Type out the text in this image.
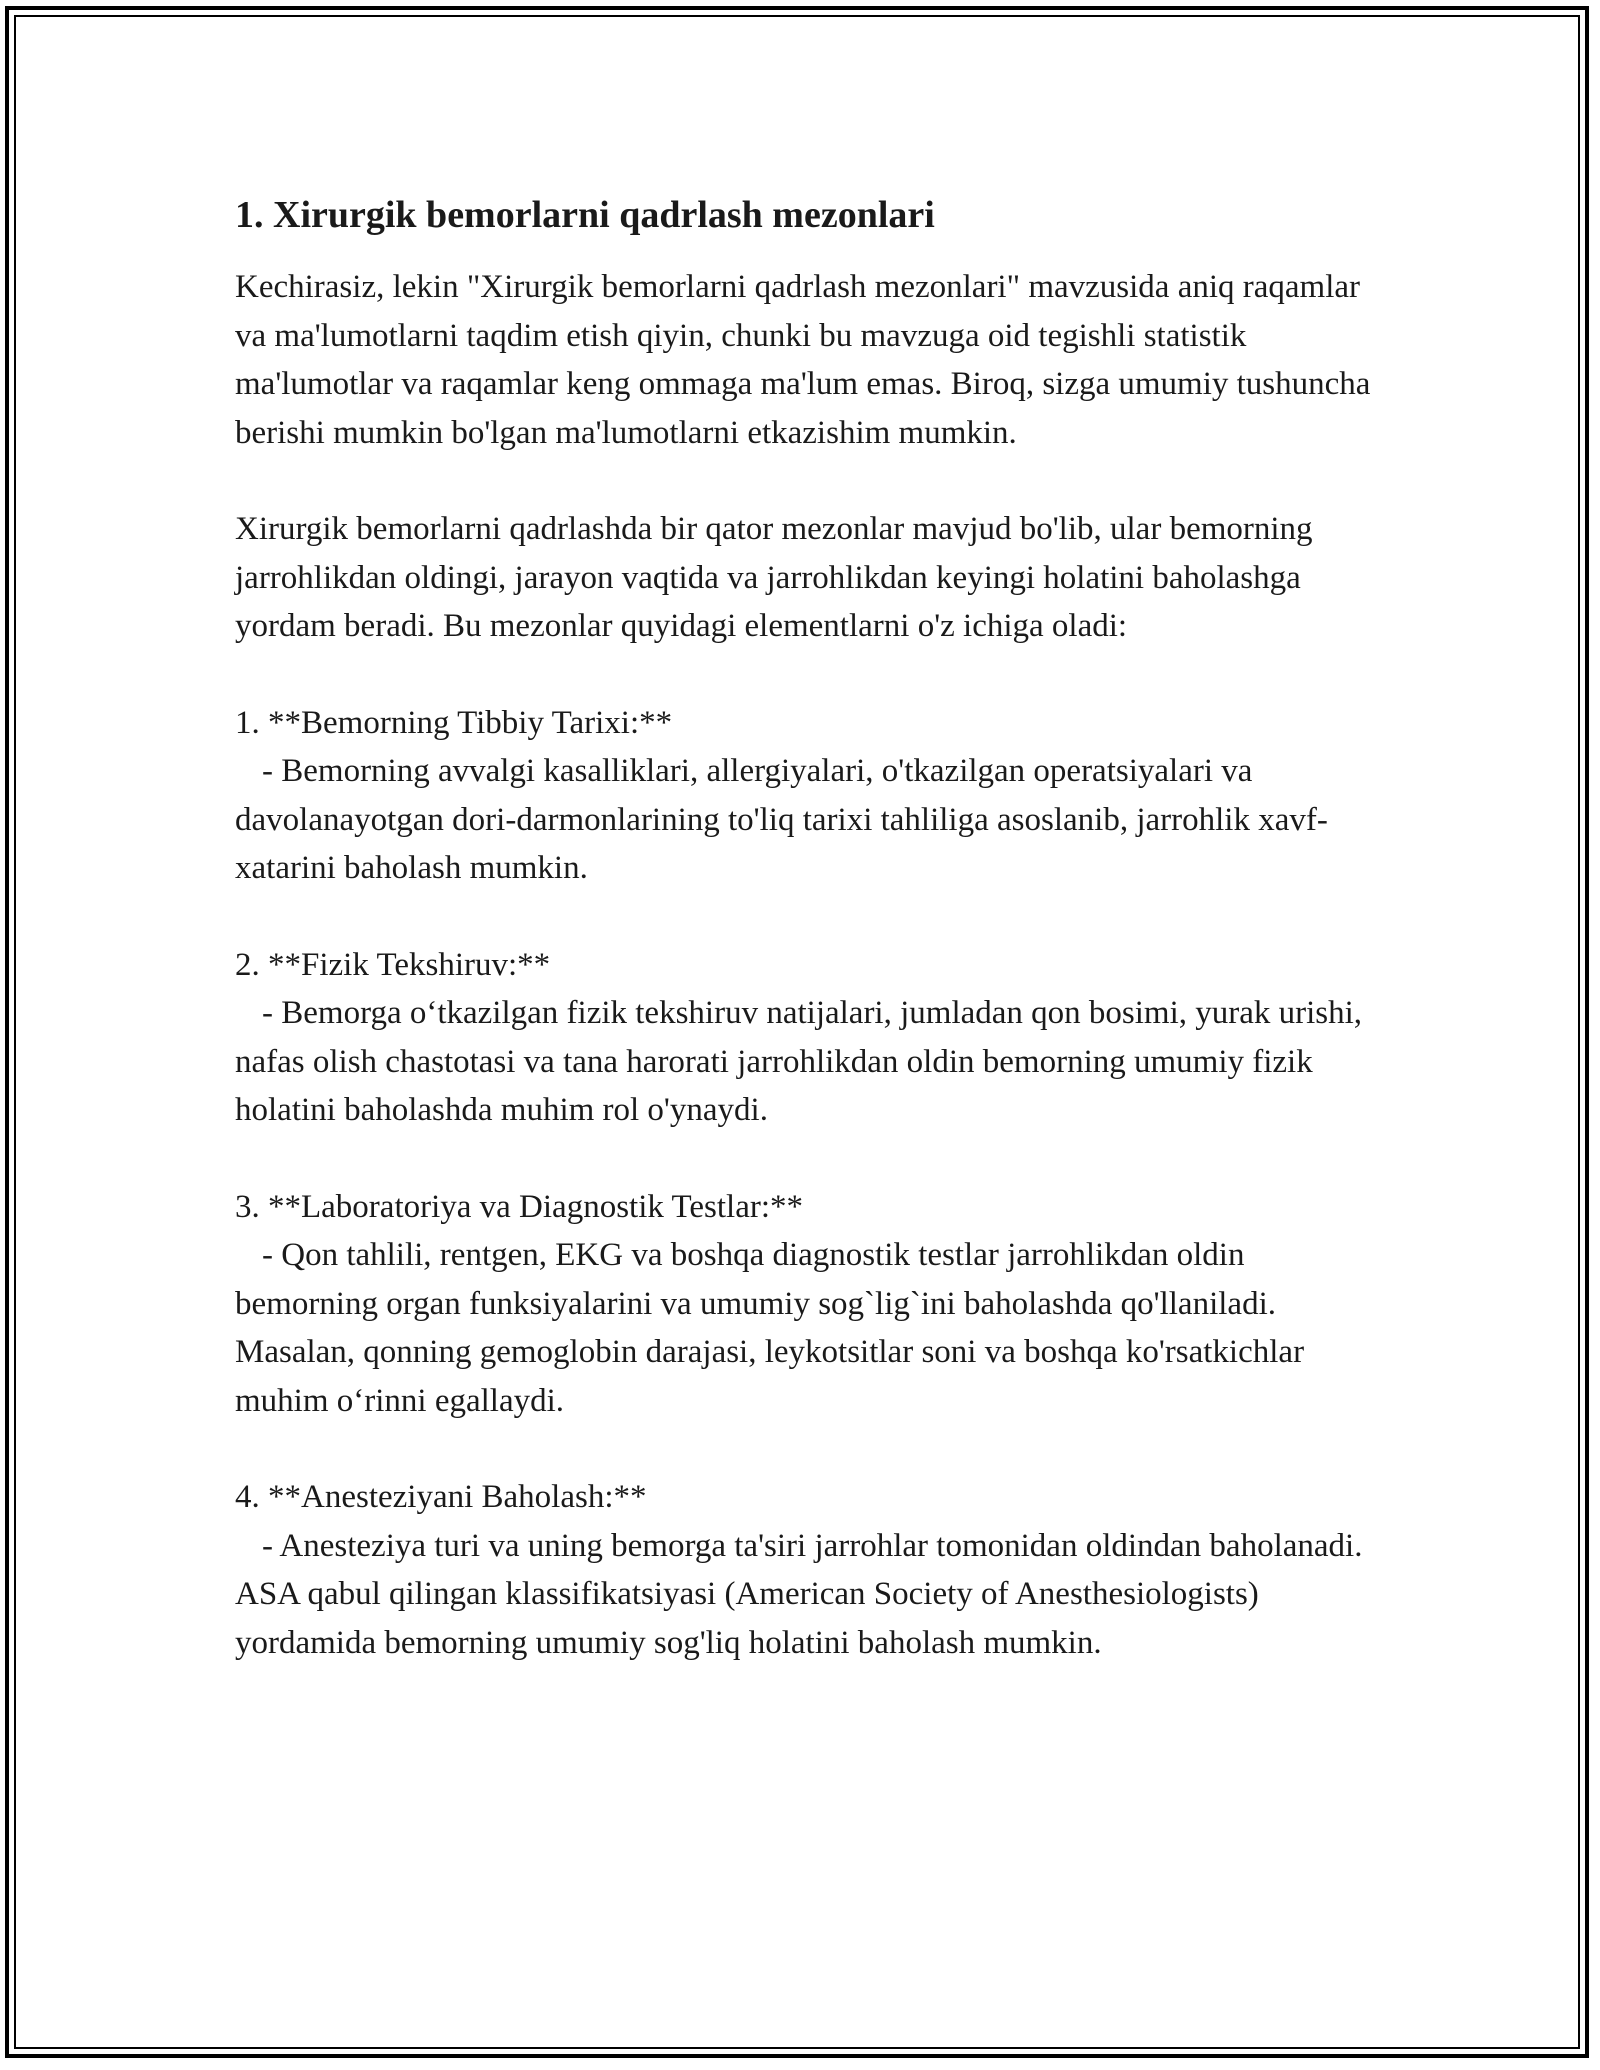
1. Xirurgik bemorlarni qadrlash mezonlari

Kechirasiz, lekin "Xirurgik bemorlarni qadrlash mezonlari" mavzusida aniq raqamlar va ma'lumotlarni taqdim etish qiyin, chunki bu mavzuga oid tegishli statistik ma'lumotlar va raqamlar keng ommaga ma'lum emas. Biroq, sizga umumiy tushuncha berishi mumkin bo'lgan ma'lumotlarni etkazishim mumkin.

Xirurgik bemorlarni qadrlashda bir qator mezonlar mavjud bo'lib, ular bemorning jarrohlikdan oldingi, jarayon vaqtida va jarrohlikdan keyingi holatini baholashga yordam beradi. Bu mezonlar quyidagi elementlarni o'z ichiga oladi:

1. **Bemorning Tibbiy Tarixi:**
- Bemorning avvalgi kasalliklari, allergiyalari, o'tkazilgan operatsiyalari va davolanayotgan dori-darmonlarining to'liq tarixi tahliliga asoslanib, jarrohlik xavf-xatarini baholash mumkin.
2. **Fizik Tekshiruv:**
- Bemorga o‘tkazilgan fizik tekshiruv natijalari, jumladan qon bosimi, yurak urishi, nafas olish chastotasi va tana harorati jarrohlikdan oldin bemorning umumiy fizik holatini baholashda muhim rol o'ynaydi.
3. **Laboratoriya va Diagnostik Testlar:**
- Qon tahlili, rentgen, EKG va boshqa diagnostik testlar jarrohlikdan oldin bemorning organ funksiyalarini va umumiy sog`lig`ini baholashda qo'llaniladi. Masalan, qonning gemoglobin darajasi, leykotsitlar soni va boshqa ko'rsatkichlar muhim o‘rinni egallaydi.
4. **Anesteziyani Baholash:**
- Anesteziya turi va uning bemorga ta'siri jarrohlar tomonidan oldindan baholanadi. ASA qabul qilingan klassifikatsiyasi (American Society of Anesthesiologists) yordamida bemorning umumiy sog'liq holatini baholash mumkin.
